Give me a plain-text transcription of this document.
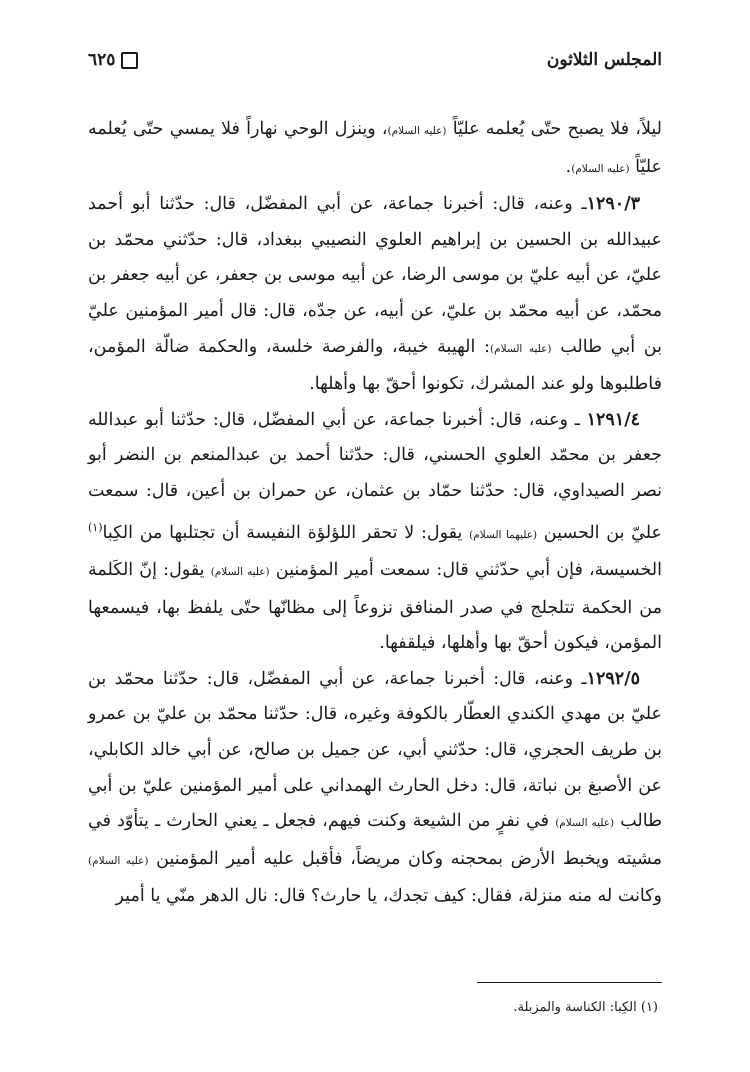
المجلس الثلاثون
٦٢٥

ليلاً، فلا يصبح حتّى يُعلمه عليّاً (عليه السلام)، وينزل الوحي نهاراً فلا يمسي حتّى يُعلمه عليّاً (عليه السلام).

١٢٩٠/٣ـ وعنه، قال: أخبرنا جماعة، عن أبي المفضّل، قال: حدّثنا أبو أحمد عبيدالله بن الحسين بن إبراهيم العلوي النصيبي ببغداد، قال: حدّثني محمّد بن عليّ، عن أبيه عليّ بن موسى الرضا، عن أبيه موسى بن جعفر، عن أبيه جعفر بن محمّد، عن أبيه محمّد بن عليّ، عن أبيه، عن جدّه، قال: قال أمير المؤمنين عليّ بن أبي طالب (عليه السلام): الهيبة خيبة، والفرصة خلسة، والحكمة ضالّة المؤمن، فاطلبوها ولو عند المشرك، تكونوا أحقّ بها وأهلها.

١٢٩١/٤ ـ وعنه، قال: أخبرنا جماعة، عن أبي المفضّل، قال: حدّثنا أبو عبدالله جعفر بن محمّد العلوي الحسني، قال: حدّثنا أحمد بن عبدالمنعم بن النضر أبو نصر الصيداوي، قال: حدّثنا حمّاد بن عثمان، عن حمران بن أعين، قال: سمعت عليّ بن الحسين (عليهما السلام) يقول: لا تحقر اللؤلؤة النفيسة أن تجتلبها من الكِبا$^{(١)}$ الخسيسة، فإن أبي حدّثني قال: سمعت أمير المؤمنين (عليه السلام) يقول: إنّ الكَلمة من الحكمة تتلجلج في صدر المنافق نزوعاً إلى مظانّها حتّى يلفظ بها، فيسمعها المؤمن، فيكون أحقّ بها وأهلها، فيلقفها.

١٢٩٢/٥ـ وعنه، قال: أخبرنا جماعة، عن أبي المفضّل، قال: حدّثنا محمّد بن عليّ بن مهدي الكندي العطّار بالكوفة وغيره، قال: حدّثنا محمّد بن عليّ بن عمرو بن طريف الحجري، قال: حدّثني أبي، عن جميل بن صالح، عن أبي خالد الكابلي، عن الأصبغ بن نباتة، قال: دخل الحارث الهمداني على أمير المؤمنين عليّ بن أبي طالب (عليه السلام) في نفرٍ من الشيعة وكنت فيهم، فجعل ـ يعني الحارث ـ يتأوّد في مشيته ويخبط الأرض بمحجنه وكان مريضاً، فأقبل عليه أمير المؤمنين (عليه السلام) وكانت له منه منزلة، فقال: كيف تجدك، يا حارث؟ قال: نال الدهر منّي يا أمير

(١) الكِبا: الكناسة والمزبلة.
